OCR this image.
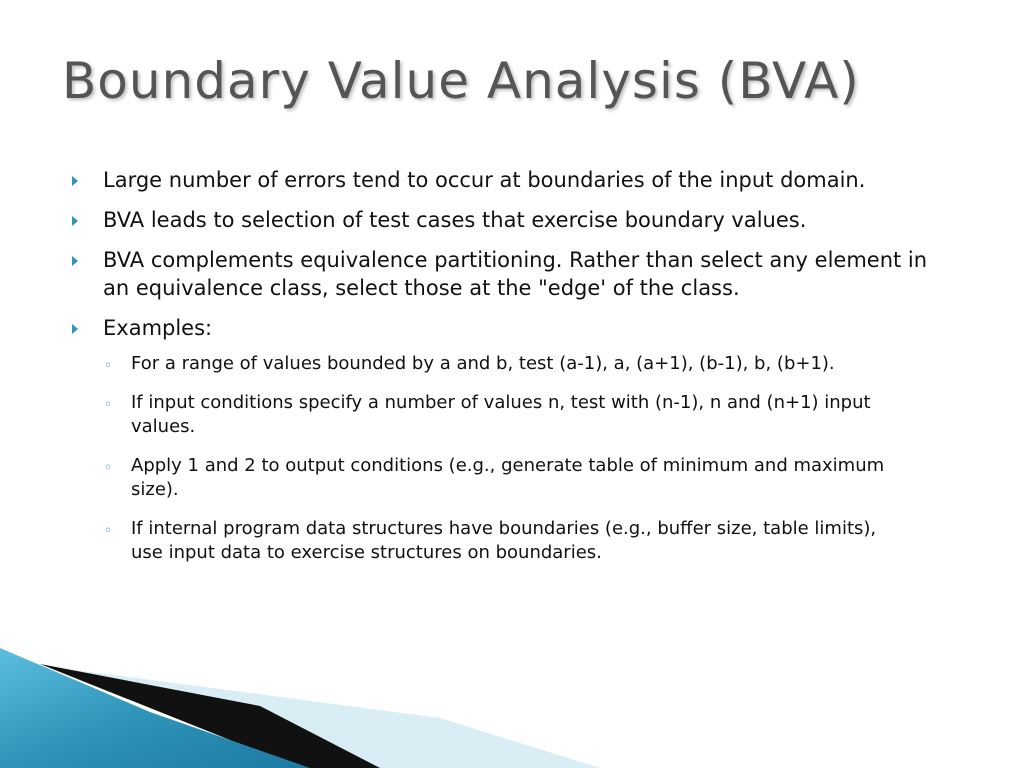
Boundary Value Analysis (BVA)
Large number of errors tend to occur at boundaries of the input domain.
BVA leads to selection of test cases that exercise boundary values.
BVA complements equivalence partitioning. Rather than select any element in an equivalence class, select those at the "edge' of the class.
Examples:
◦ For a range of values bounded by a and b, test (a-1), a, (a+1), (b-1), b, (b+1).
◦ If input conditions specify a number of values n, test with (n-1), n and (n+1) input values.
◦ Apply 1 and 2 to output conditions (e.g., generate table of minimum and maximum size).
◦ If internal program data structures have boundaries (e.g., buffer size, table limits), use input data to exercise structures on boundaries.
